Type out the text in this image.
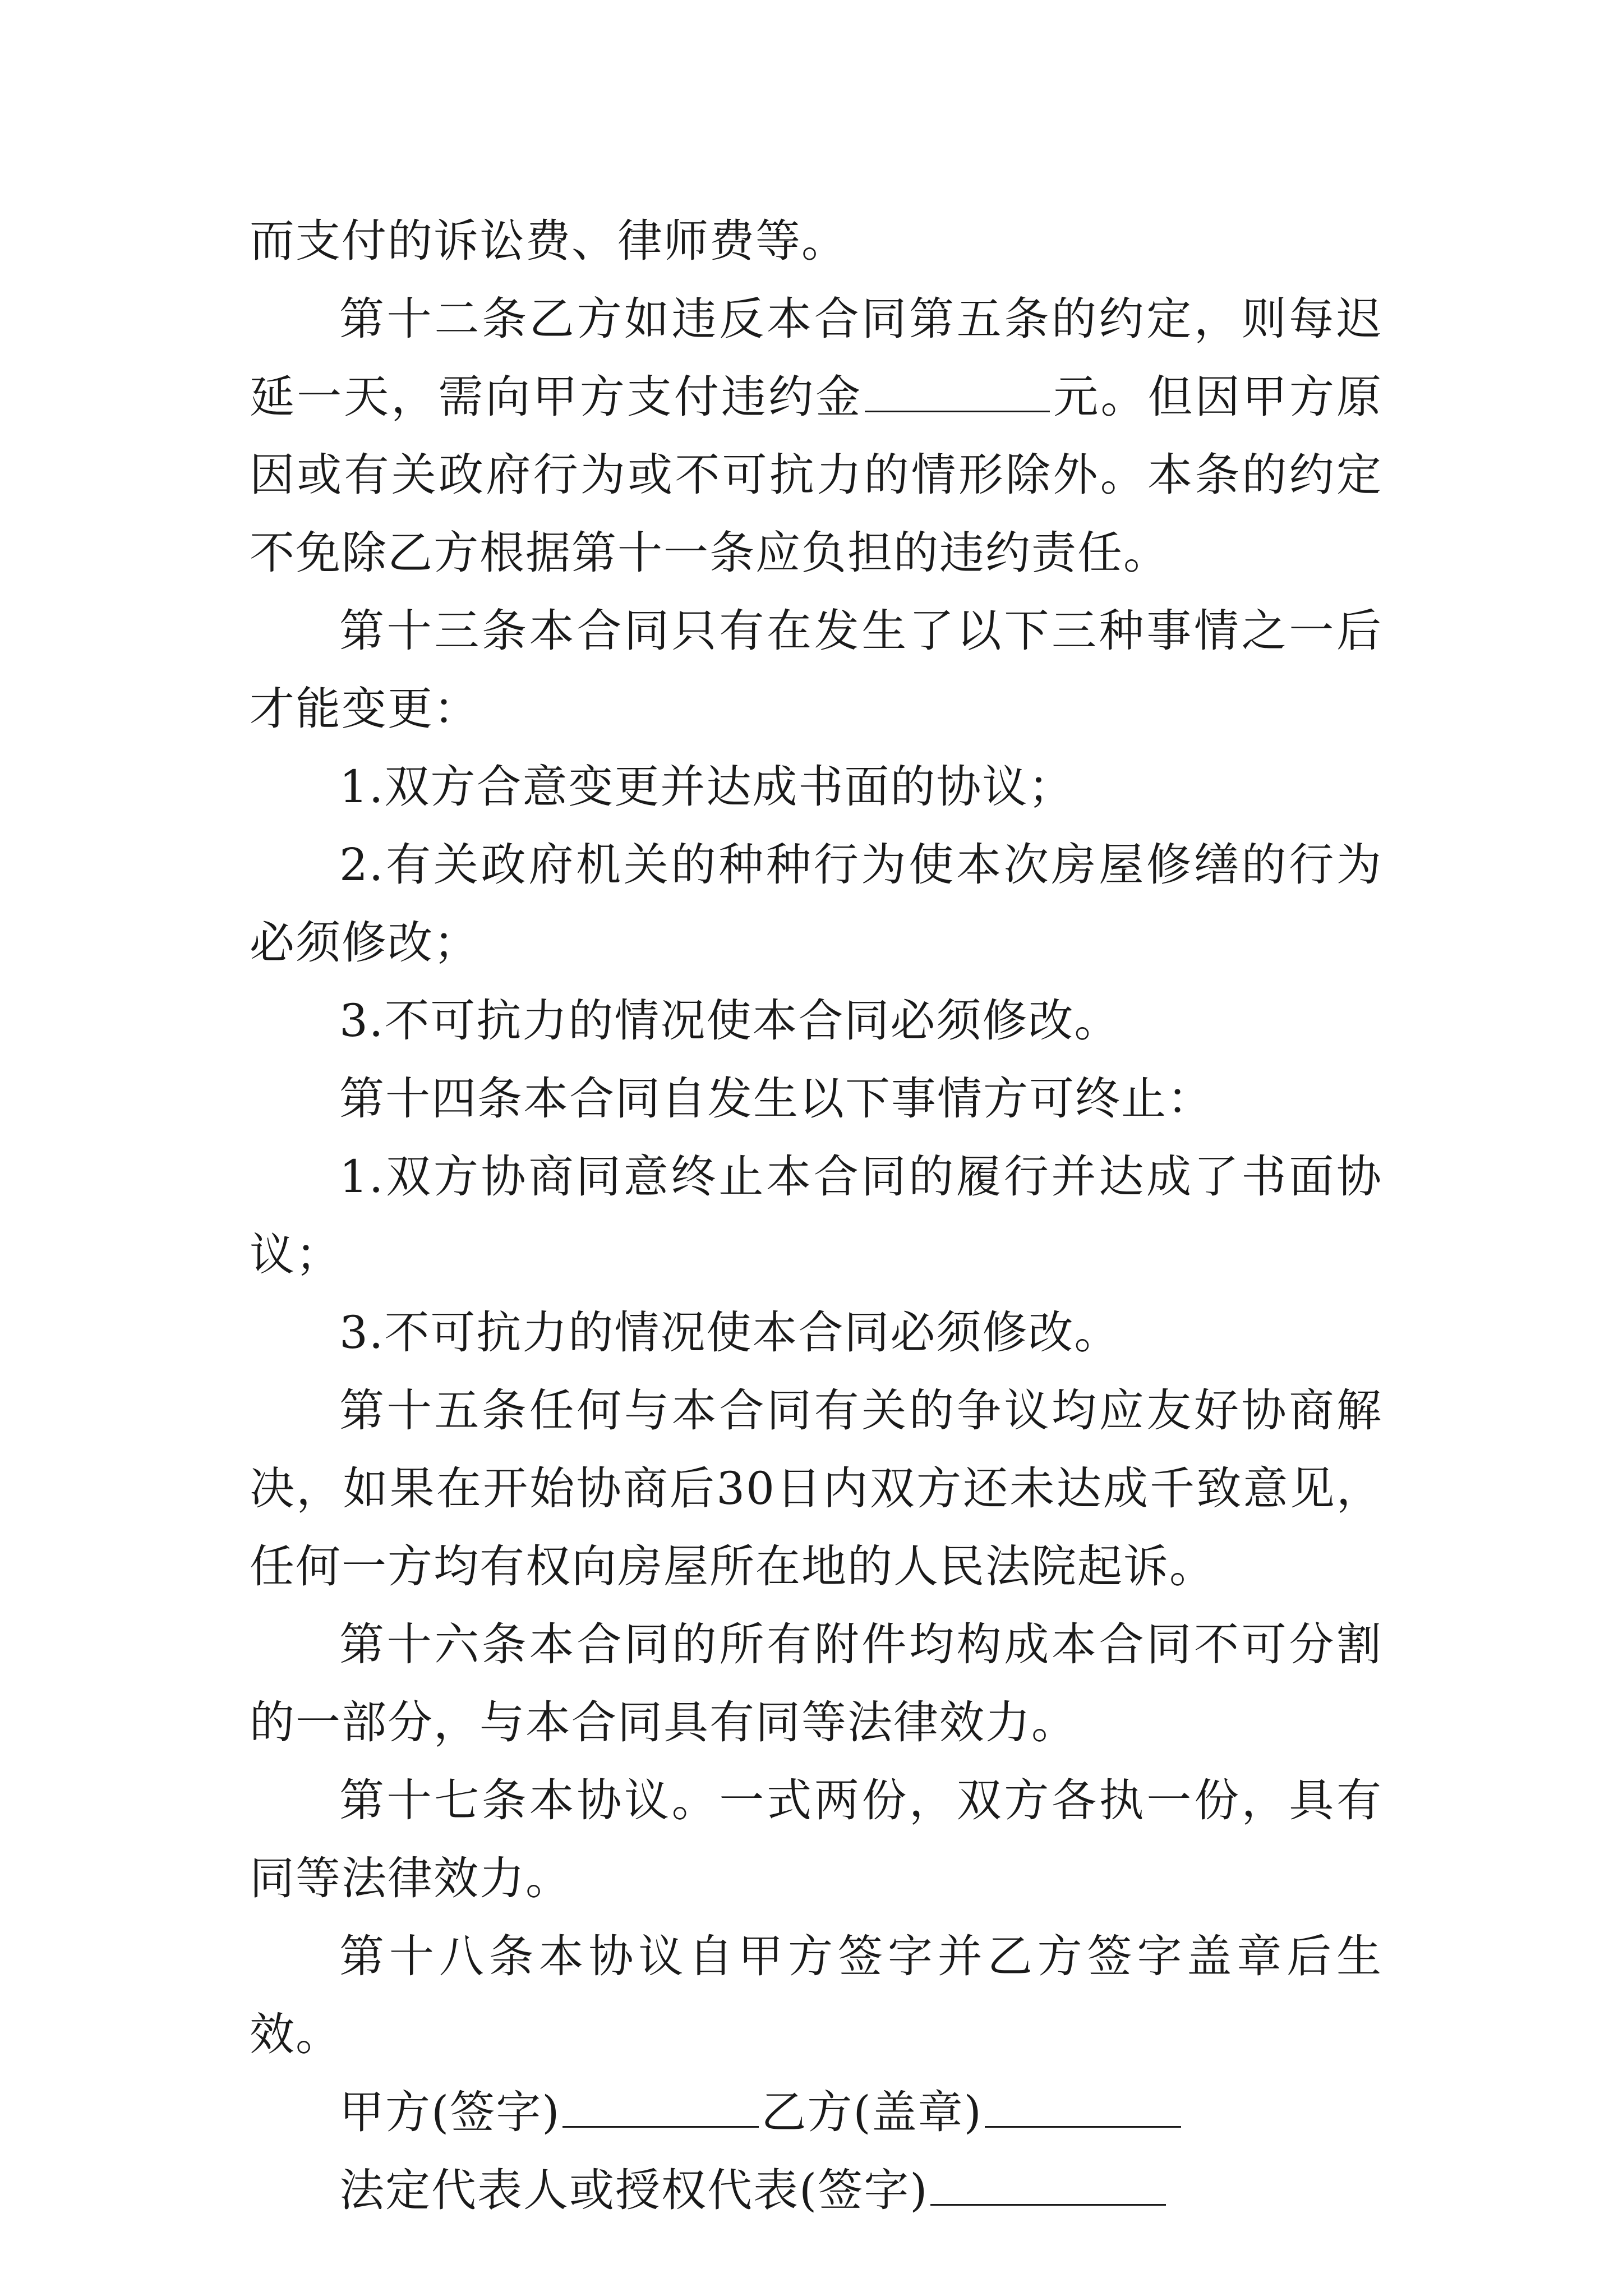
而支付的诉讼费、律师费等。

第十二条乙方如违反本合同第五条的约定，则每迟延一天，需向甲方支付违约金	元。但因甲方原因或有关政府行为或不可抗力的情形除外。本条的约定不免除乙方根据第十一条应负担的违约责任。

第十三条本合同只有在发生了以下三种事情之一后才能变更：

1.双方合意变更并达成书面的协议；

2.有关政府机关的种种行为使本次房屋修缮的行为必须修改；

3.不可抗力的情况使本合同必须修改。

第十四条本合同自发生以下事情方可终止：

1.双方协商同意终止本合同的履行并达成了书面协议；

3.不可抗力的情况使本合同必须修改。

第十五条任何与本合同有关的争议均应友好协商解决，如果在开始协商后30日内双方还未达成千致意见，任何一方均有权向房屋所在地的人民法院起诉。

第十六条本合同的所有附件均构成本合同不可分割的一部分，与本合同具有同等法律效力。

第十七条本协议。一式两份，双方各执一份，具有同等法律效力。

第十八条本协议自甲方签字并乙方签字盖章后生效。

甲方(签字)	乙方(盖章)

法定代表人或授权代表(签字)
